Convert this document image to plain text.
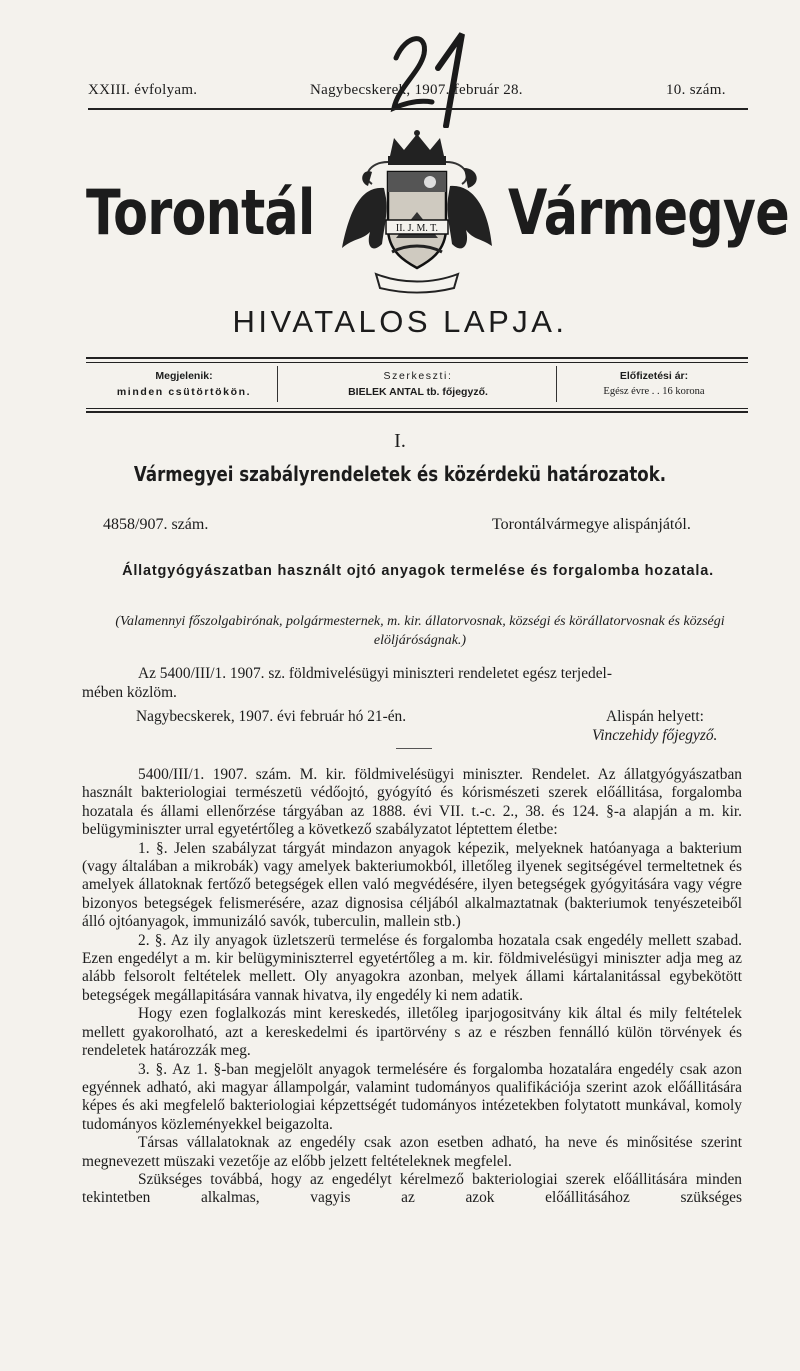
XXIII. évfolyam.	Nagybecskerek, 1907. február 28.	10. szám.
Torontál	Vármegye
II. J. M. T.
HIVATALOS LAPJA.
Megjelenik:
minden csütörtökön.
Szerkeszti:
BIELEK ANTAL tb. főjegyző.
Előfizetési ár:
Egész évre . . 16 korona
I.
Vármegyei szabályrendeletek és közérdekü határozatok.
4858/907. szám.	Torontálvármegye alispánjától.
Állatgyógyászatban használt ojtó anyagok termelése és forgalomba hozatala.
(Valamennyi főszolgabirónak, polgármesternek, m. kir. állatorvosnak, községi és körállatorvosnak és községi elöljáróságnak.)
Az 5400/III/1. 1907. sz. földmivelésügyi miniszteri rendeletet egész terjedel-
mében közlöm.
Nagybecskerek, 1907. évi február hó 21-én.	Alispán helyett:
Vinczehidy főjegyző.

5400/III/1. 1907. szám. M. kir. földmivelésügyi miniszter. Rendelet. Az állatgyógyászatban használt bakteriologiai természetü védőojtó, gyógyító és kórismészeti szerek előállitása, forgalomba hozatala és állami ellenőrzése tárgyában az 1888. évi VII. t.-c. 2., 38. és 124. §-a alapján a m. kir. belügyminiszter urral egyetértőleg a következő szabályzatot léptettem életbe:

1. §. Jelen szabályzat tárgyát mindazon anyagok képezik, melyeknek hatóanyaga a bakterium (vagy általában a mikrobák) vagy amelyek bakteriumokból, illetőleg ilyenek segitségével termeltetnek és amelyek állatoknak fertőző betegségek ellen való megvédésére, ilyen betegségek gyógyitására vagy végre bizonyos betegségek felismerésére, azaz dignosisa céljából alkalmaztatnak (bakteriumok tenyészeteiből álló ojtóanyagok, immunizáló savók, tuberculin, mallein stb.)

2. §. Az ily anyagok üzletszerü termelése és forgalomba hozatala csak engedély mellett szabad. Ezen engedélyt a m. kir belügyminiszterrel egyetértőleg a m. kir. földmivelésügyi miniszter adja meg az alább felsorolt feltételek mellett. Oly anyagokra azonban, melyek állami kártalanitással egybekötött betegségek megállapitására vannak hivatva, ily engedély ki nem adatik.

Hogy ezen foglalkozás mint kereskedés, illetőleg iparjogositvány kik által és mily feltételek mellett gyakorolható, azt a kereskedelmi és ipartörvény s az e részben fennálló külön törvények és rendeletek határozzák meg.

3. §. Az 1. §-ban megjelölt anyagok termelésére és forgalomba hozatalára engedély csak azon egyénnek adható, aki magyar állampolgár, valamint tudományos qualifikációja szerint azok előállitására képes és aki megfelelő bakteriologiai képzettségét tudományos intézetekben folytatott munkával, komoly tudományos közleményekkel beigazolta.

Társas vállalatoknak az engedély csak azon esetben adható, ha neve és minősitése szerint megnevezett müszaki vezetője az előbb jelzett feltételeknek megfelel.

Szükséges továbbá, hogy az engedélyt kérelmező bakteriologiai szerek előállitására minden tekintetben alkalmas, vagyis az azok előállitásához szükséges
